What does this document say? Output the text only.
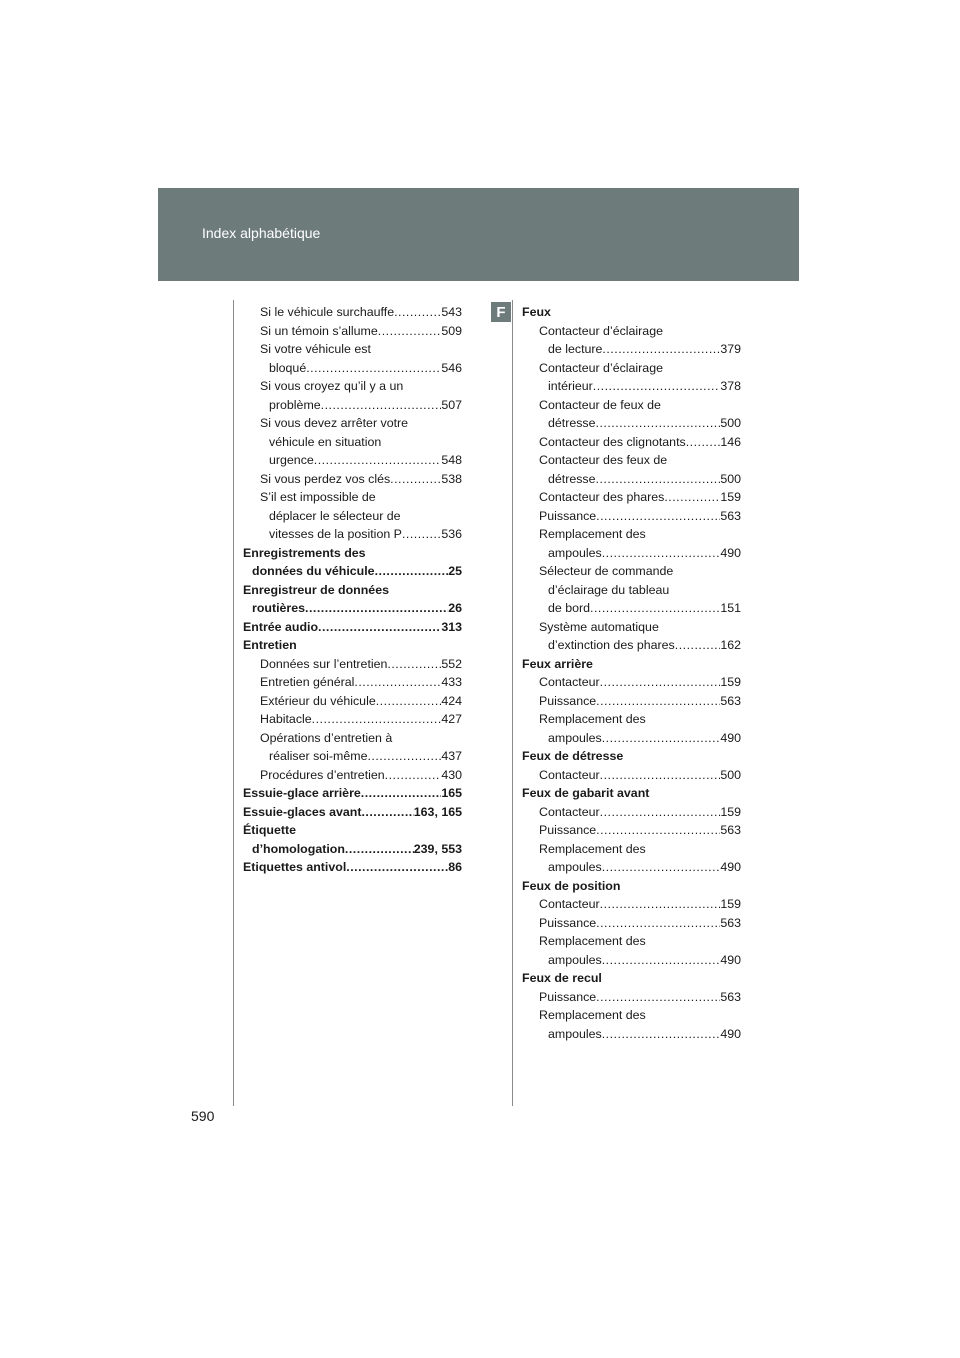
Index alphabétique
F
Si le véhicule surchauffe .....	543
Si un témoin s’allume .....	509
Si votre véhicule est
bloqué .....	546
Si vous croyez qu’il y a un
problème .....	507
Si vous devez arrêter votre
véhicule en situation
urgence .....	548
Si vous perdez vos clés .....	538
S’il est impossible de
déplacer le sélecteur de
vitesses de la position P .....	536
Enregistrements des
données du véhicule .....	25
Enregistreur de données
routières .....	26
Entrée audio .....	313
Entretien
Données sur l’entretien .....	552
Entretien général .....	433
Extérieur du véhicule .....	424
Habitacle .....	427
Opérations d’entretien à
réaliser soi-même .....	437
Procédures d’entretien .....	430
Essuie-glace arrière .....	165
Essuie-glaces avant .....	163, 165
Étiquette
d’homologation .....	239, 553
Etiquettes antivol .....	86
Feux
Contacteur d’éclairage
de lecture .....	379
Contacteur d’éclairage
intérieur .....	378
Contacteur de feux de
détresse .....	500
Contacteur des clignotants .....	146
Contacteur des feux de
détresse .....	500
Contacteur des phares .....	159
Puissance .....	563
Remplacement des
ampoules .....	490
Sélecteur de commande
d’éclairage du tableau
de bord .....	151
Système automatique
d’extinction des phares .....	162
Feux arrière
Contacteur .....	159
Puissance .....	563
Remplacement des
ampoules .....	490
Feux de détresse
Contacteur .....	500
Feux de gabarit avant
Contacteur .....	159
Puissance .....	563
Remplacement des
ampoules .....	490
Feux de position
Contacteur .....	159
Puissance .....	563
Remplacement des
ampoules .....	490
Feux de recul
Puissance .....	563
Remplacement des
ampoules .....	490
590
